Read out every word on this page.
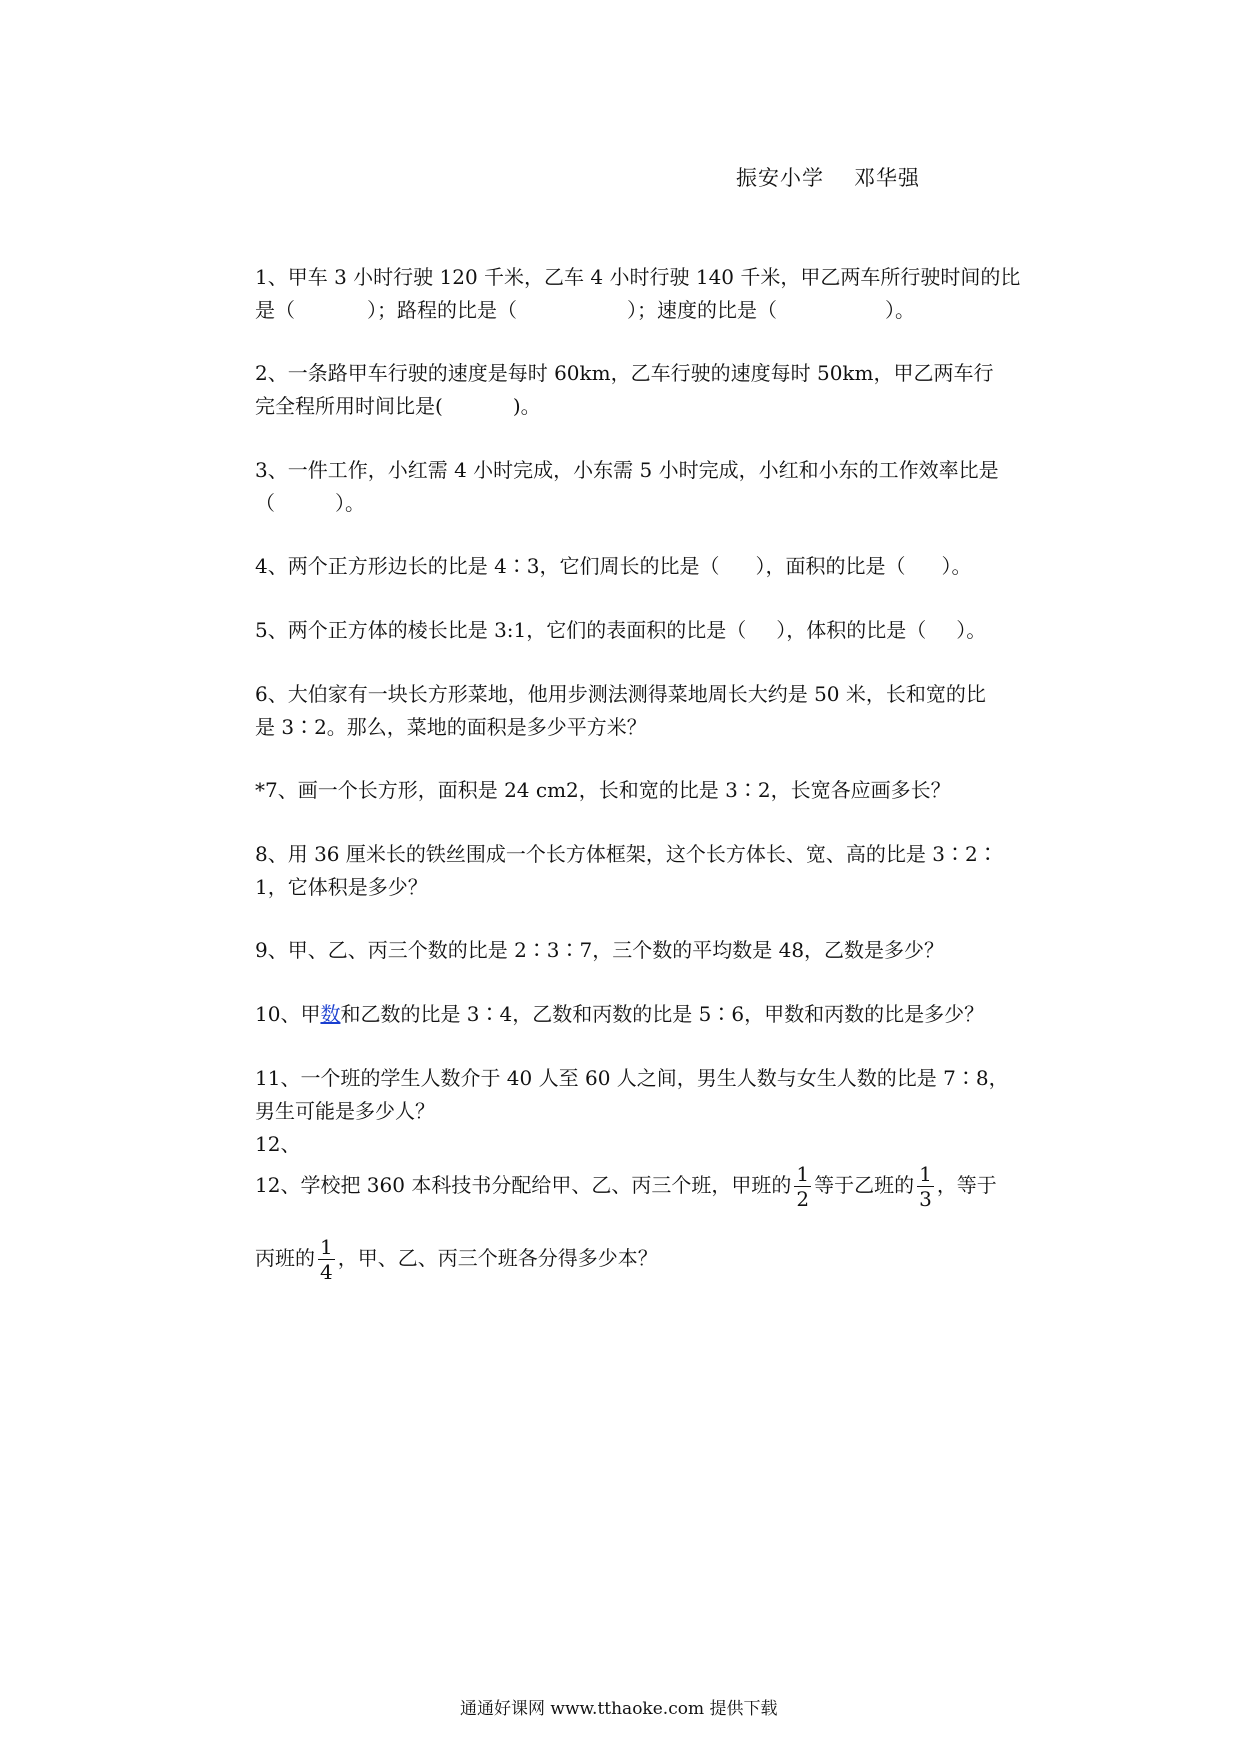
振安小学 邓华强
1、甲车 3 小时行驶 120 千米，乙车 4 小时行驶 140 千米，甲乙两车所行驶时间的比
是（	）；路程的比是（	）；速度的比是（	）。
2、一条路甲车行驶的速度是每时 60km，乙车行驶的速度每时 50km，甲乙两车行
完全程所用时间比是(	)。
3、一件工作，小红需 4 小时完成，小东需 5 小时完成，小红和小东的工作效率比是
（	）。
4、两个正方形边长的比是 4∶3，它们周长的比是（ ），面积的比是（ ）。
5、两个正方体的棱长比是 3:1，它们的表面积的比是（ ），体积的比是（ ）。
6、大伯家有一块长方形菜地，他用步测法测得菜地周长大约是 50 米，长和宽的比
是 3∶2。那么，菜地的面积是多少平方米？
*7、画一个长方形，面积是 24 cm2，长和宽的比是 3∶2，长宽各应画多长？
8、用 36 厘米长的铁丝围成一个长方体框架，这个长方体长、宽、高的比是 3∶2∶
1，它体积是多少？
9、甲、乙、丙三个数的比是 2∶3∶7，三个数的平均数是 48，乙数是多少？
10、甲数和乙数的比是 3∶4，乙数和丙数的比是 5∶6，甲数和丙数的比是多少？
11、一个班的学生人数介于 40 人至 60 人之间，男生人数与女生人数的比是 7∶8，
男生可能是多少人？
12、
12、学校把 360 本科技书分配给甲、乙、丙三个班，甲班的 $\frac{1}{2}$ 等于乙班的 $\frac{1}{3}$ ，等于
丙班的 $\frac{1}{4}$ ，甲、乙、丙三个班各分得多少本？
通通好课网 www.tthaoke.com 提供下载
